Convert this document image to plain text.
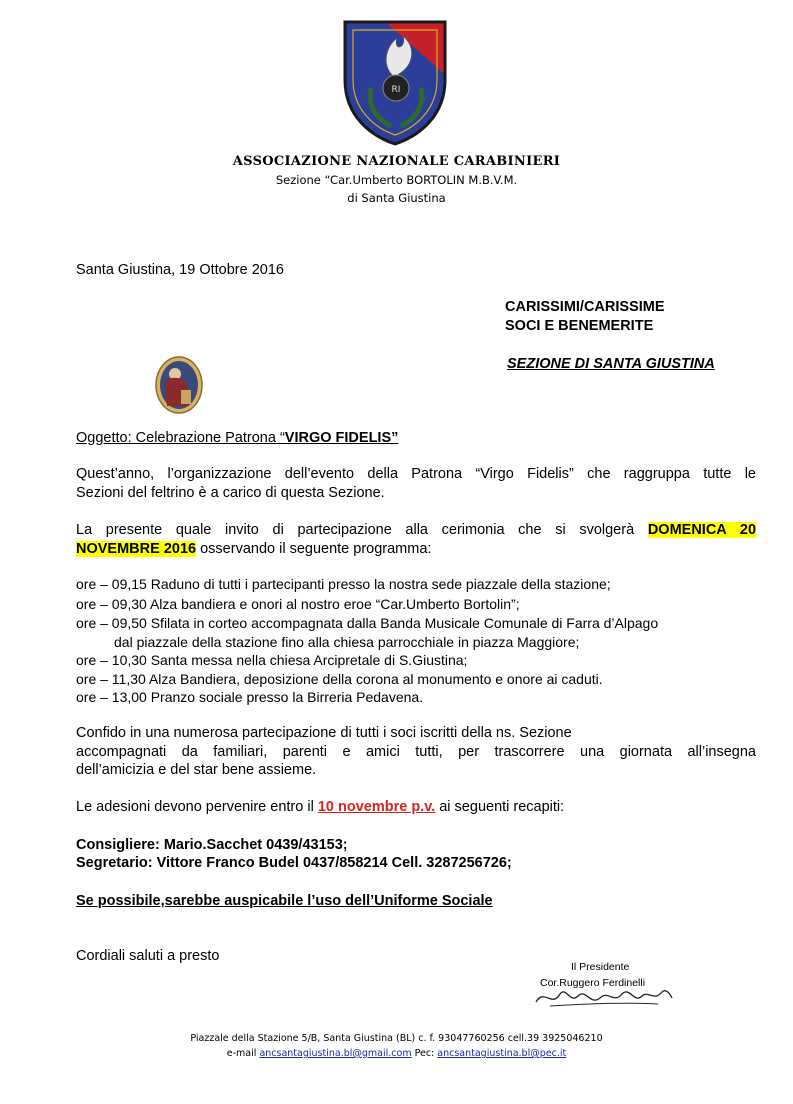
RI
ASSOCIAZIONE NAZIONALE CARABINIERI
Sezione “Car.Umberto BORTOLIN M.B.V.M.
di Santa Giustina
Santa Giustina, 19 Ottobre 2016
CARISSIMI/CARISSIME
SOCI E BENEMERITE
SEZIONE DI SANTA GIUSTINA
Oggetto: Celebrazione Patrona “VIRGO FIDELIS”
Quest’anno, l’organizzazione dell’evento della Patrona “Virgo Fidelis” che raggruppa tutte le
Sezioni del feltrino è a carico di questa Sezione.
La presente quale invito di partecipazione alla cerimonia che si svolgerà DOMENICA 20
NOVEMBRE 2016 osservando il seguente programma:
ore – 09,15 Raduno di tutti i partecipanti presso la nostra sede piazzale della stazione;
ore – 09,30 Alza bandiera e onori al nostro eroe “Car.Umberto Bortolin”;
ore – 09,50 Sfilata in corteo accompagnata dalla Banda Musicale Comunale di Farra d’Alpago
dal piazzale della stazione fino alla chiesa parrocchiale in piazza Maggiore;
ore – 10,30 Santa messa nella chiesa Arcipretale di S.Giustina;
ore – 11,30 Alza Bandiera, deposizione della corona al monumento e onore ai caduti.
ore – 13,00 Pranzo sociale presso la Birreria Pedavena.
Confido in una numerosa partecipazione di tutti i soci iscritti della ns. Sezione
accompagnati da familiari, parenti e amici tutti, per trascorrere una giornata all’insegna
dell’amicizia e del star bene assieme.
Le adesioni devono pervenire entro il 10 novembre p.v. ai seguenti recapiti:
Consigliere: Mario.Sacchet 0439/43153;
Segretario: Vittore Franco Budel 0437/858214 Cell. 3287256726;
Se possibile,sarebbe auspicabile l’uso dell’Uniforme Sociale
Cordiali saluti a presto
Il Presidente
Cor.Ruggero Ferdinelli
Piazzale della Stazione 5/B, Santa Giustina (BL) c. f. 93047760256 cell.39 3925046210
e-mail ancsantagiustina.bl@gmail.com Pec: ancsantagiustina.bl@pec.it
